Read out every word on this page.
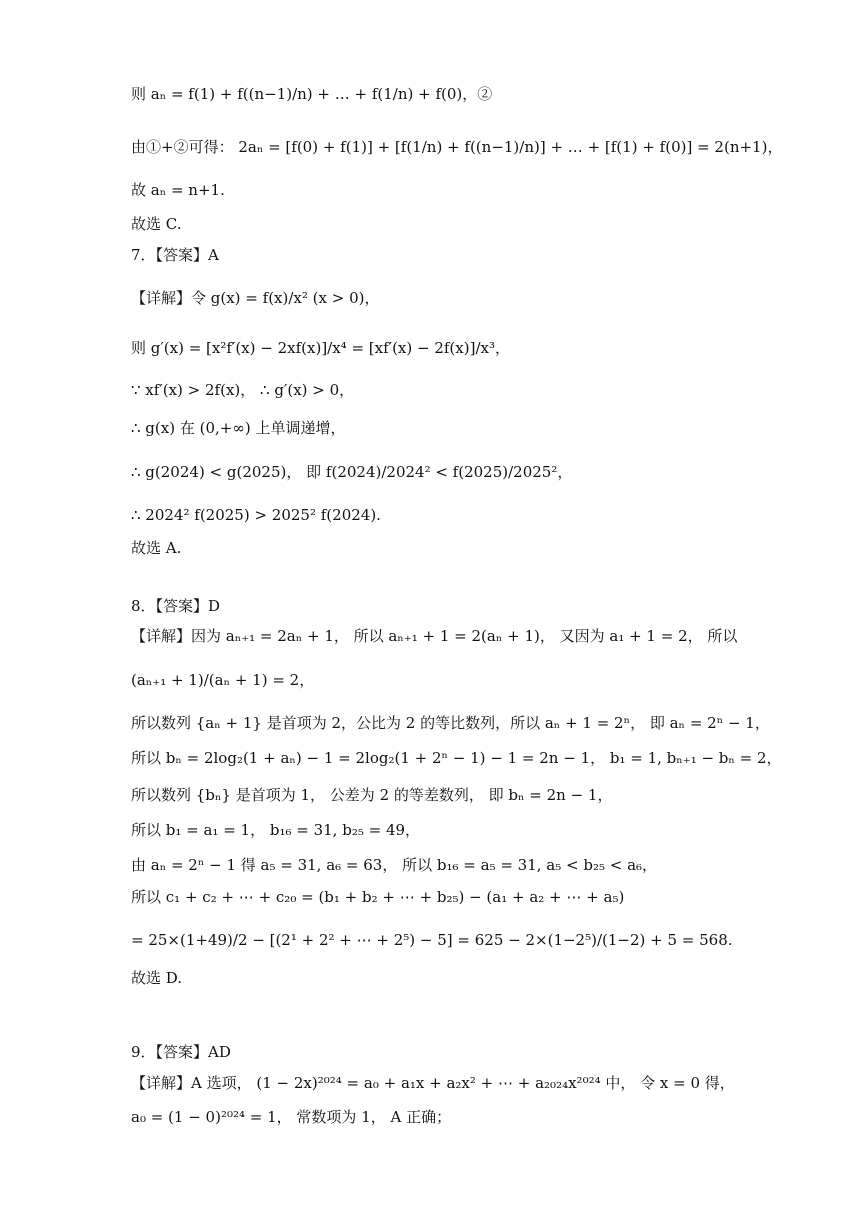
则 aₙ = f(1) + f((n−1)/n) + … + f(1/n) + f(0)，②
由①+②可得： 2aₙ = [f(0) + f(1)] + [f(1/n) + f((n−1)/n)] + … + [f(1) + f(0)] = 2(n+1)，
故 aₙ = n+1.
故选 C.
7．【答案】A
【详解】令 g(x) = f(x)/x² (x > 0)，
则 g′(x) = [x²f′(x) − 2xf(x)]/x⁴ = [xf′(x) − 2f(x)]/x³，
∵ xf′(x) > 2f(x)， ∴ g′(x) > 0，
∴ g(x) 在 (0,+∞) 上单调递增，
∴ g(2024) < g(2025)， 即 f(2024)/2024² < f(2025)/2025²，
∴ 2024² f(2025) > 2025² f(2024).
故选 A.
8．【答案】D
【详解】因为 aₙ₊₁ = 2aₙ + 1， 所以 aₙ₊₁ + 1 = 2(aₙ + 1)， 又因为 a₁ + 1 = 2， 所以
(aₙ₊₁ + 1)/(aₙ + 1) = 2，
所以数列 {aₙ + 1} 是首项为 2，公比为 2 的等比数列，所以 aₙ + 1 = 2ⁿ， 即 aₙ = 2ⁿ − 1，
所以 bₙ = 2log₂(1 + aₙ) − 1 = 2log₂(1 + 2ⁿ − 1) − 1 = 2n − 1， b₁ = 1, bₙ₊₁ − bₙ = 2，
所以数列 {bₙ} 是首项为 1， 公差为 2 的等差数列， 即 bₙ = 2n − 1，
所以 b₁ = a₁ = 1， b₁₆ = 31, b₂₅ = 49，
由 aₙ = 2ⁿ − 1 得 a₅ = 31, a₆ = 63， 所以 b₁₆ = a₅ = 31, a₅ < b₂₅ < a₆，
所以 c₁ + c₂ + ⋯ + c₂₀ = (b₁ + b₂ + ⋯ + b₂₅) − (a₁ + a₂ + ⋯ + a₅)
= 25×(1+49)/2 − [(2¹ + 2² + ⋯ + 2⁵) − 5] = 625 − 2×(1−2⁵)/(1−2) + 5 = 568.
故选 D.
9．【答案】AD
【详解】A 选项， (1 − 2x)²⁰²⁴ = a₀ + a₁x + a₂x² + ⋯ + a₂₀₂₄x²⁰²⁴ 中， 令 x = 0 得，
a₀ = (1 − 0)²⁰²⁴ = 1， 常数项为 1， A 正确；
